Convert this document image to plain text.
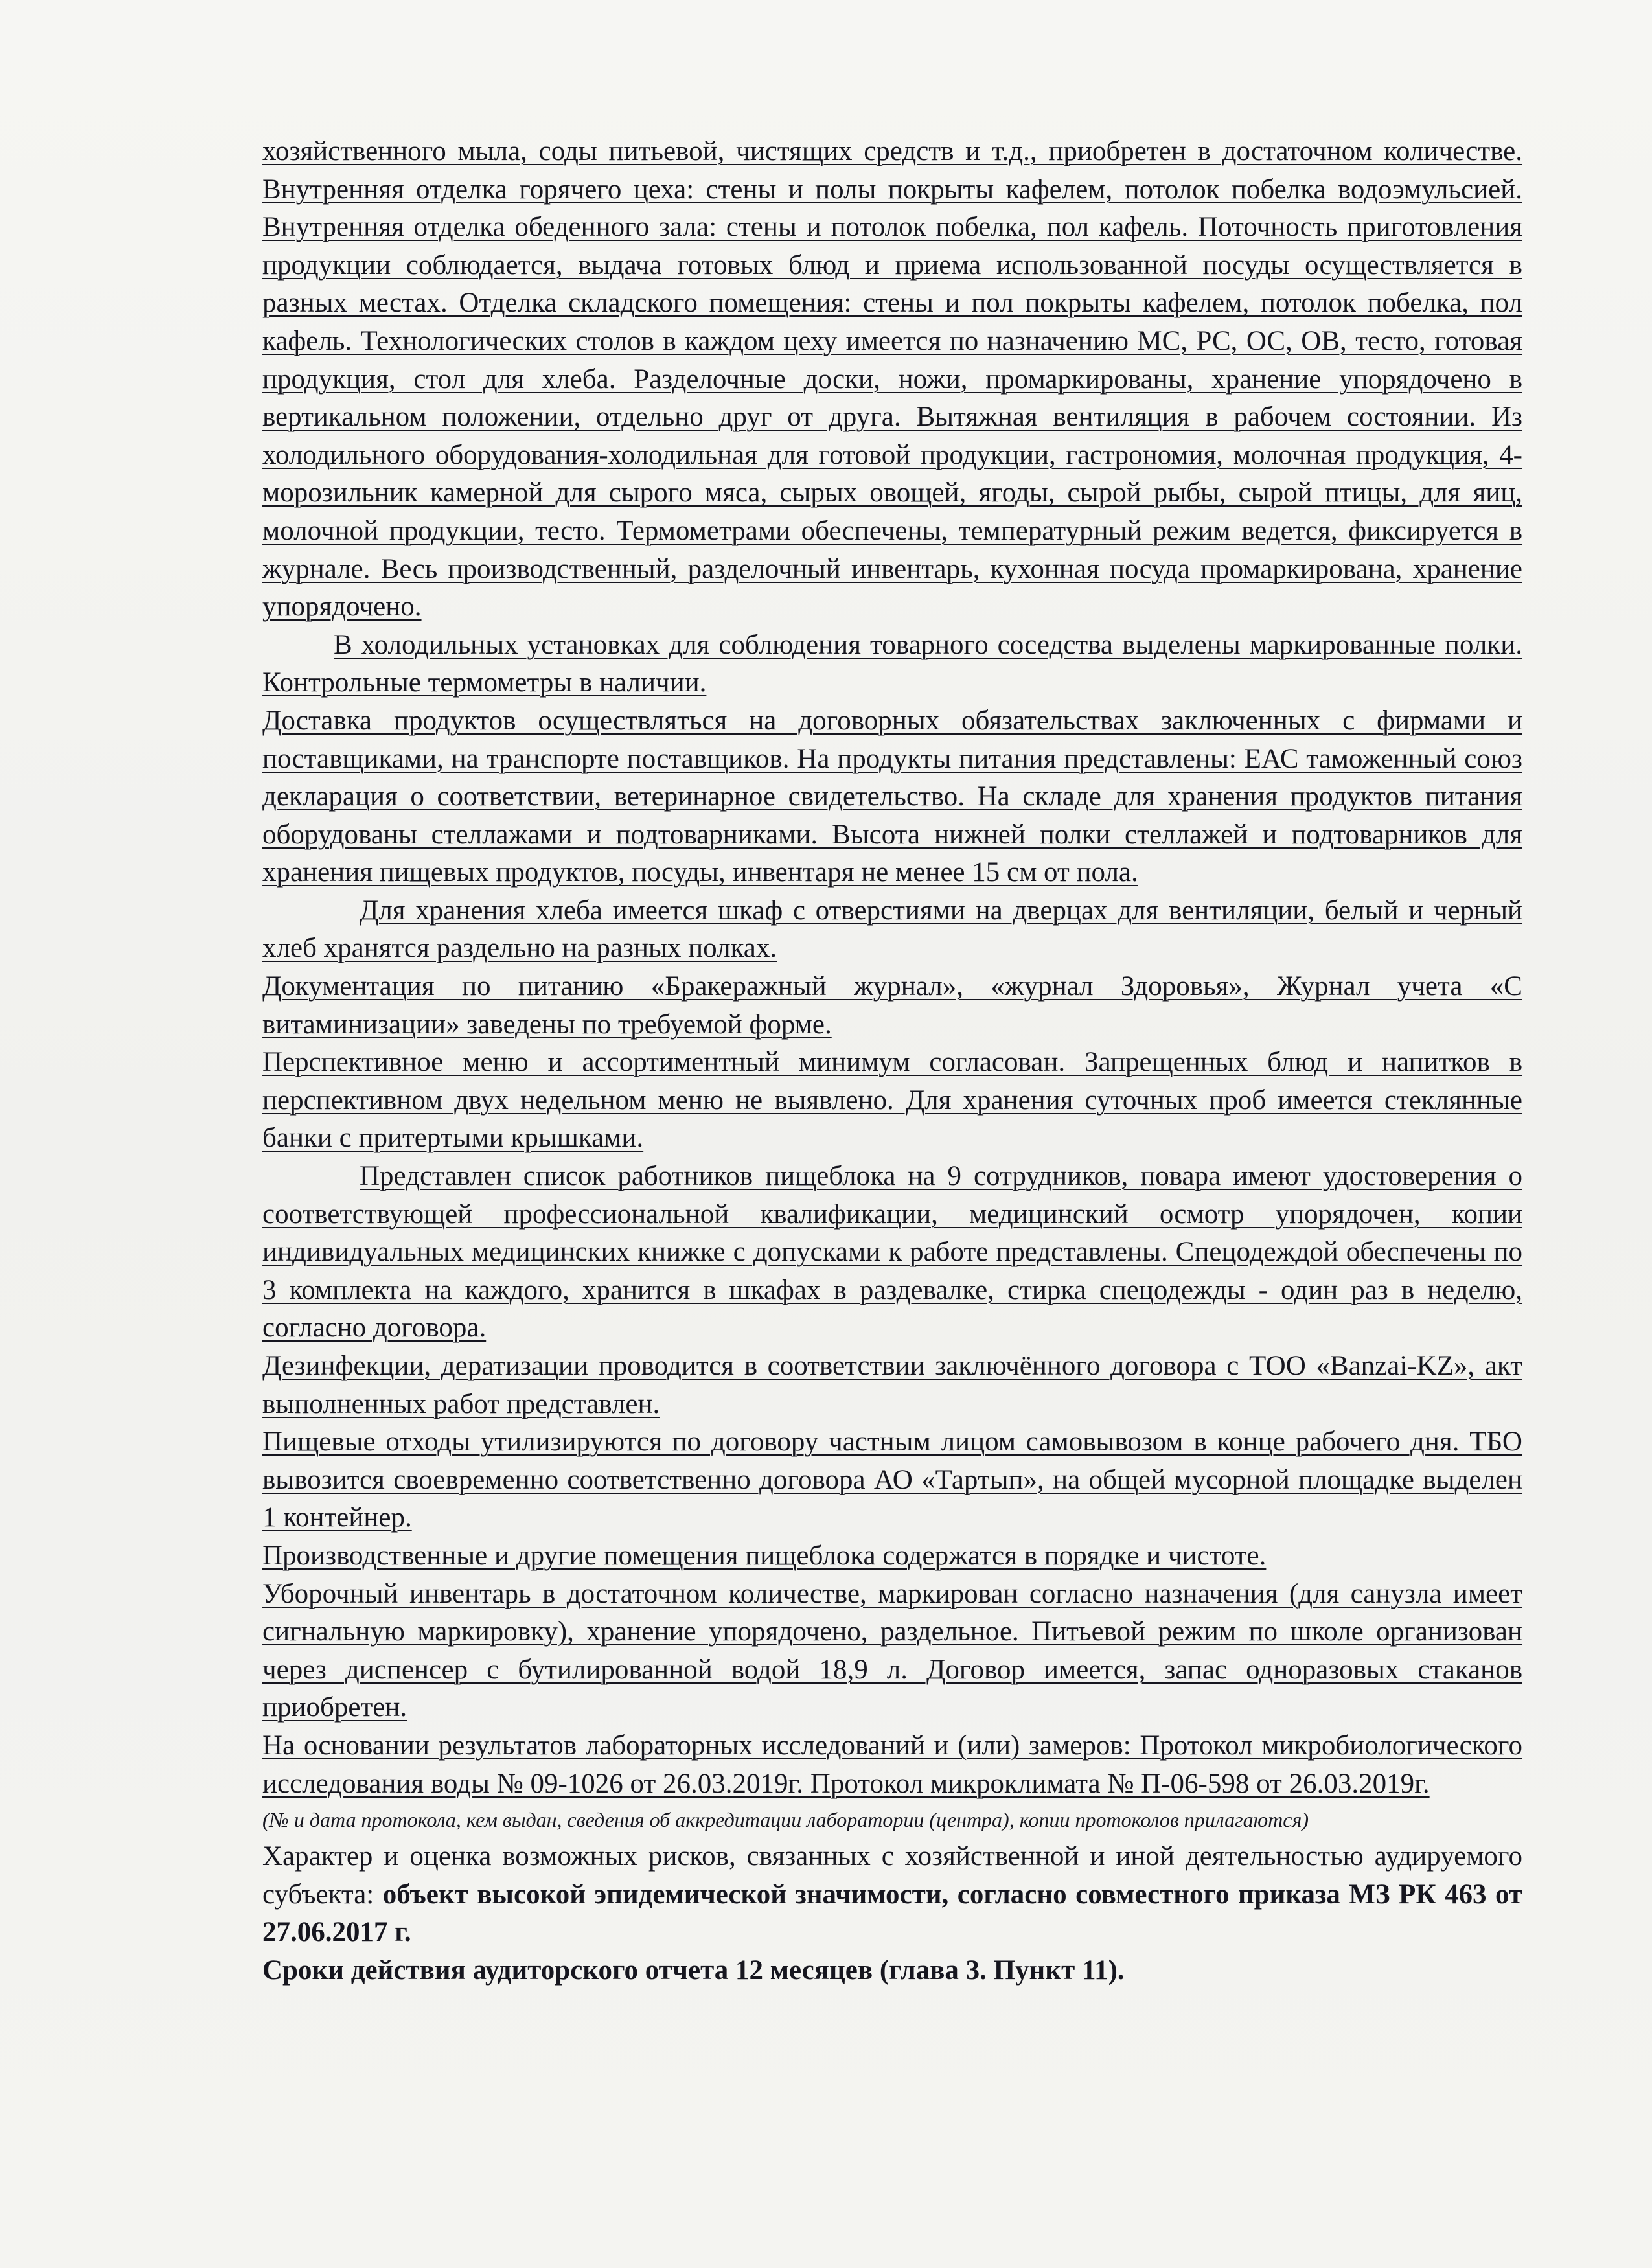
хозяйственного мыла, соды питьевой, чистящих средств и т.д., приобретен в достаточном количестве. Внутренняя отделка горячего цеха: стены и полы покрыты кафелем, потолок побелка водоэмульсией. Внутренняя отделка обеденного зала: стены и потолок побелка, пол кафель. Поточность приготовления продукции соблюдается, выдача готовых блюд и приема использованной посуды осуществляется в разных местах. Отделка складского помещения: стены и пол покрыты кафелем, потолок побелка, пол кафель. Технологических столов в каждом цеху имеется по назначению МС, РС, ОС, ОВ, тесто, готовая продукция, стол для хлеба. Разделочные доски, ножи, промаркированы, хранение упорядочено в вертикальном положении, отдельно друг от друга. Вытяжная вентиляция в рабочем состоянии. Из холодильного оборудования-холодильная для готовой продукции, гастрономия, молочная продукция, 4-морозильник камерной для сырого мяса, сырых овощей, ягоды, сырой рыбы, сырой птицы, для яиц, молочной продукции, тесто. Термометрами обеспечены, температурный режим ведется, фиксируется в журнале. Весь производственный, разделочный инвентарь, кухонная посуда промаркирована, хранение упорядочено.

В холодильных установках для соблюдения товарного соседства выделены маркированные полки. Контрольные термометры в наличии.

Доставка продуктов осуществляться на договорных обязательствах заключенных с фирмами и поставщиками, на транспорте поставщиков. На продукты питания представлены: ЕАС таможенный союз декларация о соответствии, ветеринарное свидетельство. На складе для хранения продуктов питания оборудованы стеллажами и подтоварниками. Высота нижней полки стеллажей и подтоварников для хранения пищевых продуктов, посуды, инвентаря не менее 15 см от пола.

Для хранения хлеба имеется шкаф с отверстиями на дверцах для вентиляции, белый и черный хлеб хранятся раздельно на разных полках.

Документация по питанию «Бракеражный журнал», «журнал Здоровья», Журнал учета «С витаминизации» заведены по требуемой форме.

Перспективное меню и ассортиментный минимум согласован. Запрещенных блюд и напитков в перспективном двух недельном меню не выявлено. Для хранения суточных проб имеется стеклянные банки с притертыми крышками.

Представлен список работников пищеблока на 9 сотрудников, повара имеют удостоверения о соответствующей профессиональной квалификации, медицинский осмотр упорядочен, копии индивидуальных медицинских книжке с допусками к работе представлены. Спецодеждой обеспечены по 3 комплекта на каждого, хранится в шкафах в раздевалке, стирка спецодежды - один раз в неделю, согласно договора.

Дезинфекции, дератизации проводится в соответствии заключённого договора с ТОО «Banzai-KZ», акт выполненных работ представлен.

Пищевые отходы утилизируются по договору частным лицом самовывозом в конце рабочего дня. ТБО вывозится своевременно соответственно договора АО «Тартып», на общей мусорной площадке выделен 1 контейнер.

Производственные и другие помещения пищеблока содержатся в порядке и чистоте.

Уборочный инвентарь в достаточном количестве, маркирован согласно назначения (для санузла имеет сигнальную маркировку), хранение упорядочено, раздельное. Питьевой режим по школе организован через диспенсер с бутилированной водой 18,9 л. Договор имеется, запас одноразовых стаканов приобретен.

На основании результатов лабораторных исследований и (или) замеров: Протокол микробиологического исследования воды № 09-1026 от 26.03.2019г. Протокол микроклимата № П-06-598 от 26.03.2019г.

(№ и дата протокола, кем выдан, сведения об аккредитации лаборатории (центра), копии протоколов прилагаются)

Характер и оценка возможных рисков, связанных с хозяйственной и иной деятельностью аудируемого субъекта: объект высокой эпидемической значимости, согласно совместного приказа МЗ РК 463 от 27.06.2017 г.

Сроки действия аудиторского отчета 12 месяцев (глава 3. Пункт 11).
